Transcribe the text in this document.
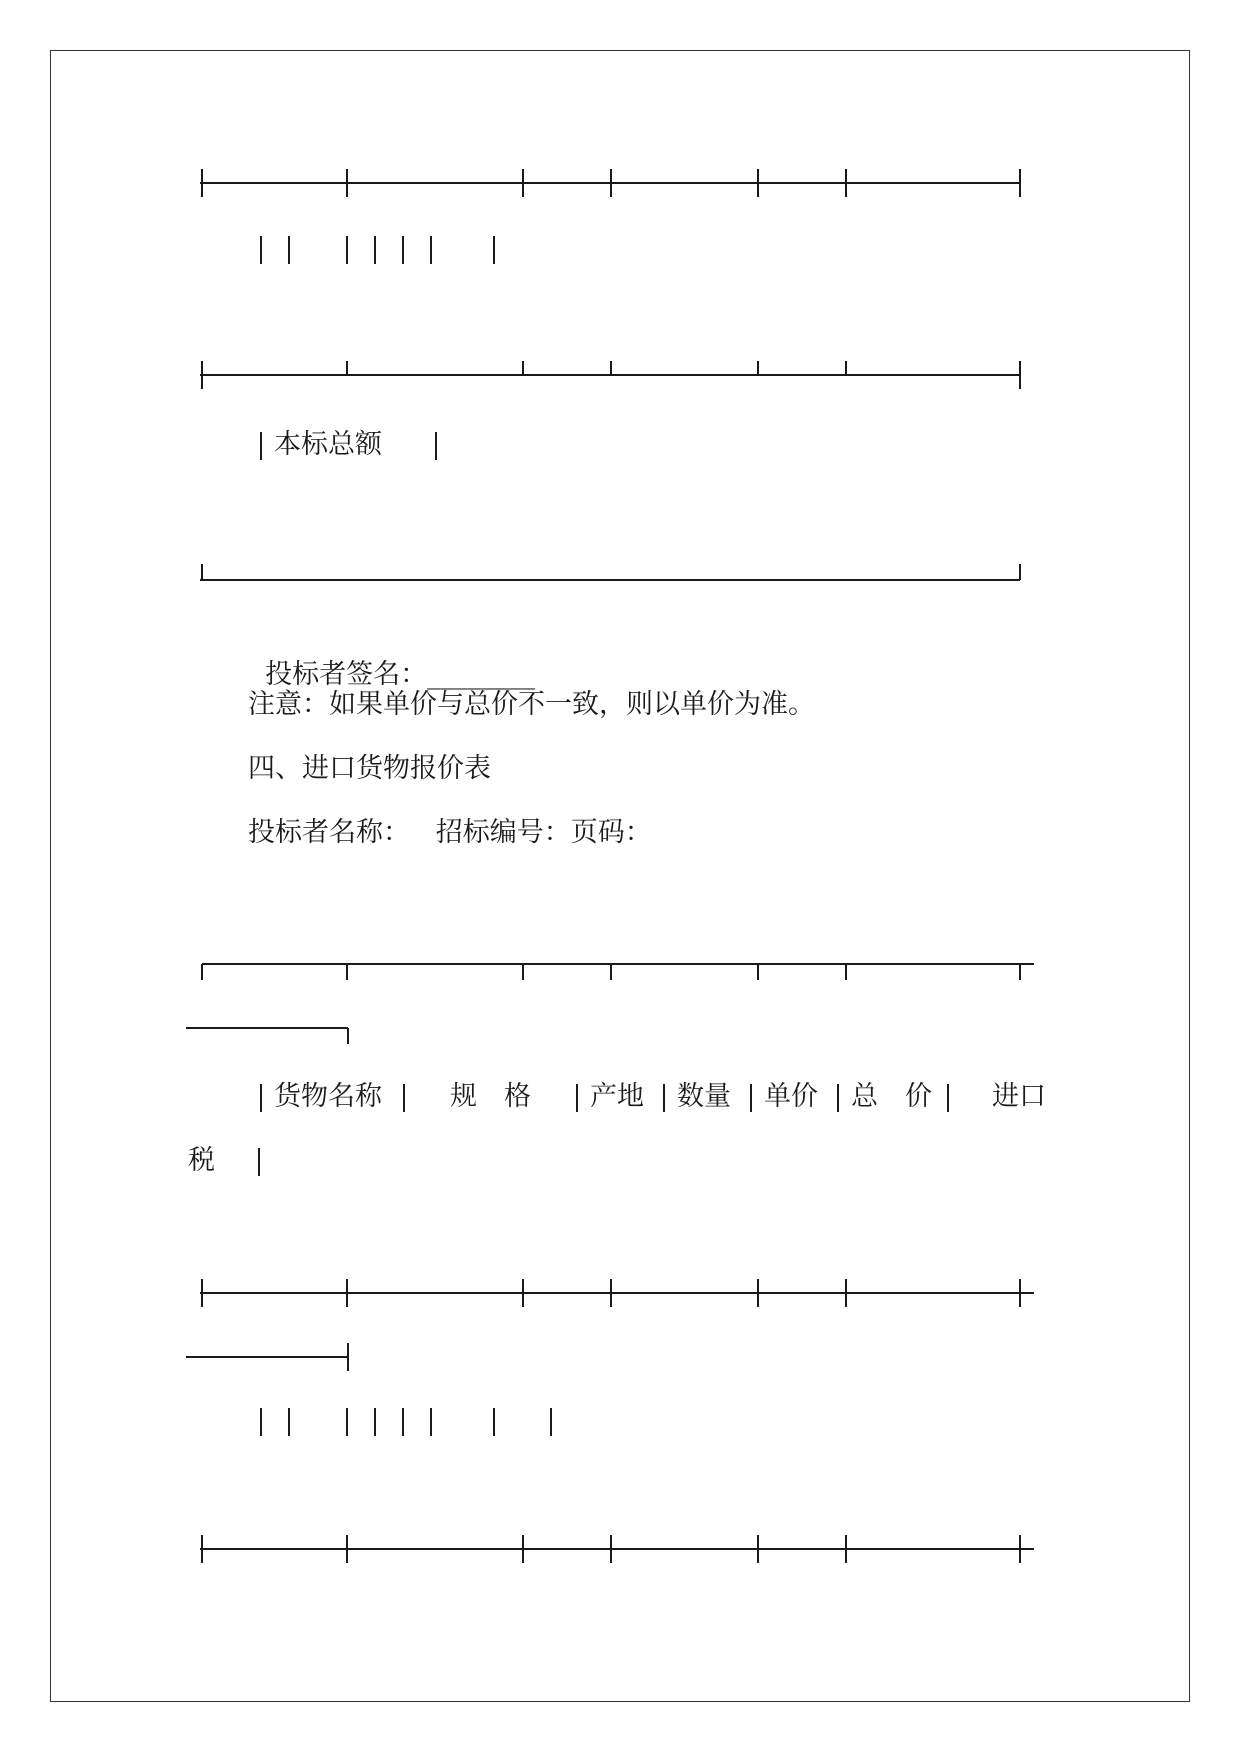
本标总额

投标者签名：________

注意：如果单价与总价不一致，则以单价为准。
四、进口货物报价表
投标者名称：   招标编号：页码：
货物名称	规　格 产地 数量 单价 总　价 进口
税
